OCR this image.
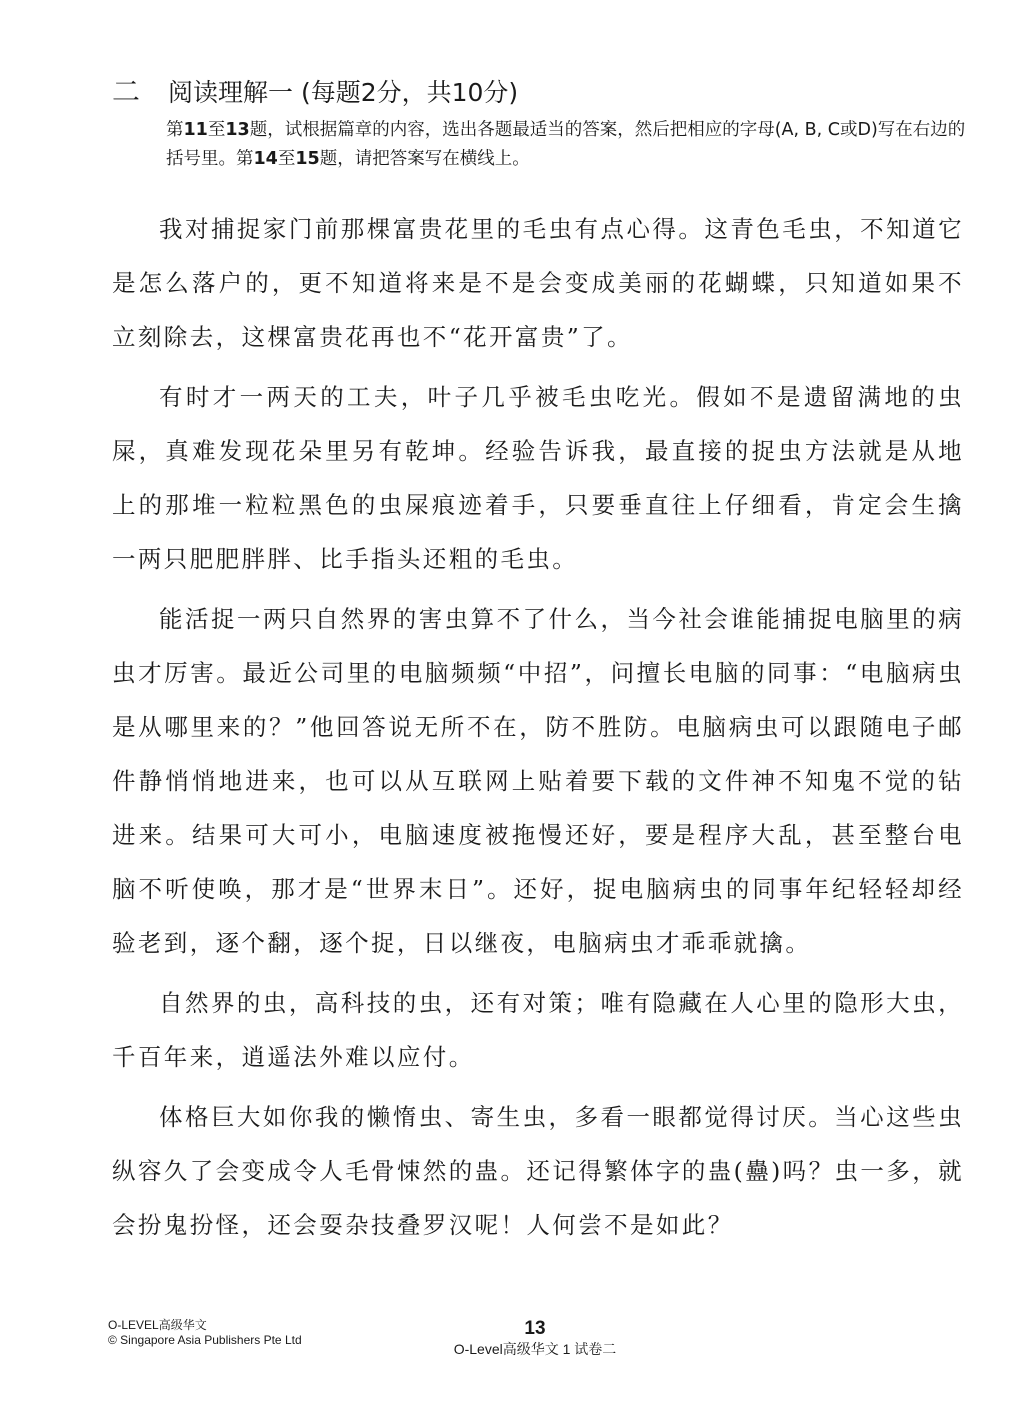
二	阅读理解一 (每题2分，共10分)
第11至13题，试根据篇章的内容，选出各题最适当的答案，然后把相应的字母(A, B, C或D)写在右边的括号里。第14至15题，请把答案写在横线上。

我对捕捉家门前那棵富贵花里的毛虫有点心得。这青色毛虫，不知道它是怎么落户的，更不知道将来是不是会变成美丽的花蝴蝶，只知道如果不立刻除去，这棵富贵花再也不“花开富贵”了。

有时才一两天的工夫，叶子几乎被毛虫吃光。假如不是遗留满地的虫屎，真难发现花朵里另有乾坤。经验告诉我，最直接的捉虫方法就是从地上的那堆一粒粒黑色的虫屎痕迹着手，只要垂直往上仔细看，肯定会生擒一两只肥肥胖胖、比手指头还粗的毛虫。

能活捉一两只自然界的害虫算不了什么，当今社会谁能捕捉电脑里的病虫才厉害。最近公司里的电脑频频“中招”，问擅长电脑的同事：“电脑病虫是从哪里来的？”他回答说无所不在，防不胜防。电脑病虫可以跟随电子邮件静悄悄地进来，也可以从互联网上贴着要下载的文件神不知鬼不觉的钻进来。结果可大可小，电脑速度被拖慢还好，要是程序大乱，甚至整台电脑不听使唤，那才是“世界末日”。还好，捉电脑病虫的同事年纪轻轻却经验老到，逐个翻，逐个捉，日以继夜，电脑病虫才乖乖就擒。

自然界的虫，高科技的虫，还有对策；唯有隐藏在人心里的隐形大虫，千百年来，逍遥法外难以应付。

体格巨大如你我的懒惰虫、寄生虫，多看一眼都觉得讨厌。当心这些虫纵容久了会变成令人毛骨悚然的蛊。还记得繁体字的蛊(蠱)吗？虫一多，就会扮鬼扮怪，还会耍杂技叠罗汉呢！人何尝不是如此？

O-LEVEL高级华文
© Singapore Asia Publishers Pte Ltd
13
O-Level高级华文 1 试卷二
